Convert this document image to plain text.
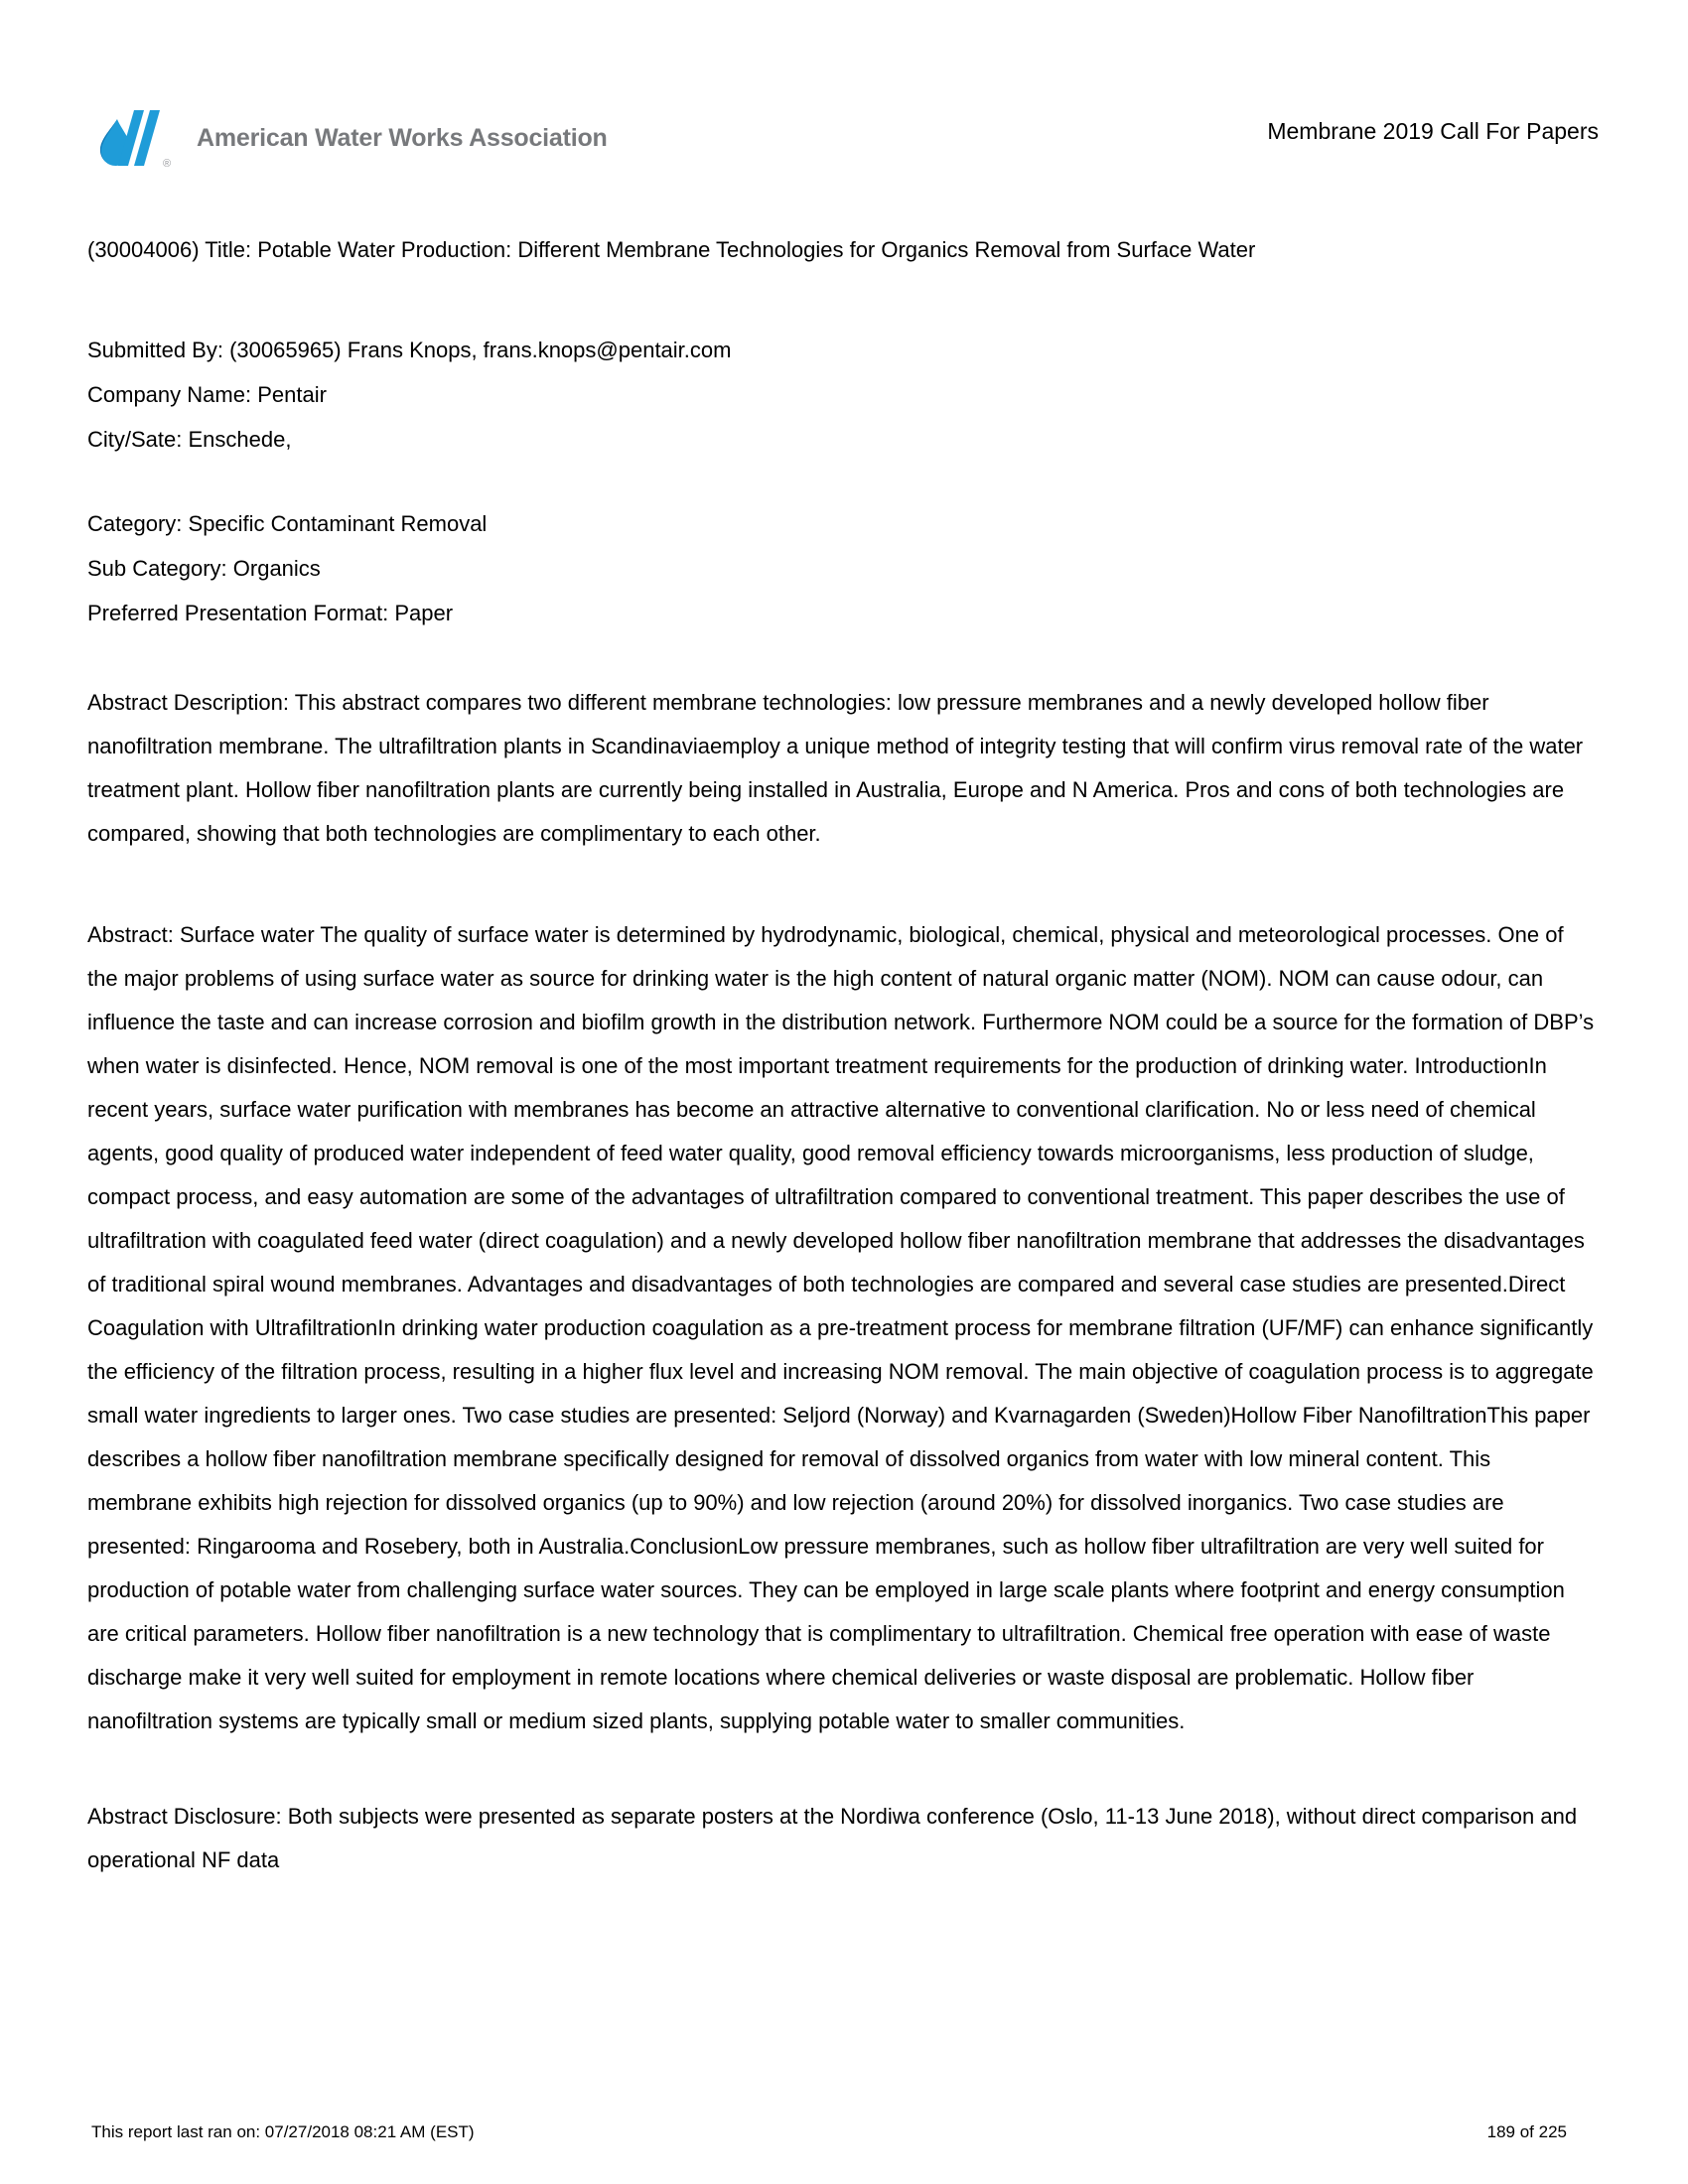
®
American Water Works Association	Membrane 2019 Call For Papers
(30004006) Title: Potable Water Production: Different Membrane Technologies for Organics Removal from Surface Water
Submitted By: (30065965) Frans Knops, frans.knops@pentair.com
Company Name: Pentair
City/Sate: Enschede,
Category: Specific Contaminant Removal
Sub Category: Organics
Preferred Presentation Format: Paper
Abstract Description: This abstract compares two different membrane technologies: low pressure membranes and a newly developed hollow fiber nanofiltration membrane. The ultrafiltration plants in Scandinaviaemploy a unique method of integrity testing that will confirm virus removal rate of the water treatment plant. Hollow fiber nanofiltration plants are currently being installed in Australia, Europe and N America. Pros and cons of both technologies are compared, showing that both technologies are complimentary to each other.
Abstract: Surface water The quality of surface water is determined by hydrodynamic, biological, chemical, physical and meteorological processes. One of the major problems of using surface water as source for drinking water is the high content of natural organic matter (NOM). NOM can cause odour, can influence the taste and can increase corrosion and biofilm growth in the distribution network. Furthermore NOM could be a source for the formation of DBP’s when water is disinfected. Hence, NOM removal is one of the most important treatment requirements for the production of drinking water. IntroductionIn recent years, surface water purification with membranes has become an attractive alternative to conventional clarification. No or less need of chemical agents, good quality of produced water independent of feed water quality, good removal efficiency towards microorganisms, less production of sludge, compact process, and easy automation are some of the advantages of ultrafiltration compared to conventional treatment. This paper describes the use of ultrafiltration with coagulated feed water (direct coagulation) and a newly developed hollow fiber nanofiltration membrane that addresses the disadvantages of traditional spiral wound membranes. Advantages and disadvantages of both technologies are compared and several case studies are presented.Direct Coagulation with UltrafiltrationIn drinking water production coagulation as a pre-treatment process for membrane filtration (UF/MF) can enhance significantly the efficiency of the filtration process, resulting in a higher flux level and increasing NOM removal. The main objective of coagulation process is to aggregate small water ingredients to larger ones. Two case studies are presented: Seljord (Norway) and Kvarnagarden (Sweden)Hollow Fiber NanofiltrationThis paper describes a hollow fiber nanofiltration membrane specifically designed for removal of dissolved organics from water with low mineral content. This membrane exhibits high rejection for dissolved organics (up to 90%) and low rejection (around 20%) for dissolved inorganics. Two case studies are presented: Ringarooma and Rosebery, both in Australia.ConclusionLow pressure membranes, such as hollow fiber ultrafiltration are very well suited for production of potable water from challenging surface water sources. They can be employed in large scale plants where footprint and energy consumption are critical parameters. Hollow fiber nanofiltration is a new technology that is complimentary to ultrafiltration. Chemical free operation with ease of waste discharge make it very well suited for employment in remote locations where chemical deliveries or waste disposal are problematic. Hollow fiber nanofiltration systems are typically small or medium sized plants, supplying potable water to smaller communities.
Abstract Disclosure: Both subjects were presented as separate posters at the Nordiwa conference (Oslo, 11-13 June 2018), without direct comparison and operational NF data
This report last ran on: 07/27/2018 08:21 AM (EST)	189 of 225
